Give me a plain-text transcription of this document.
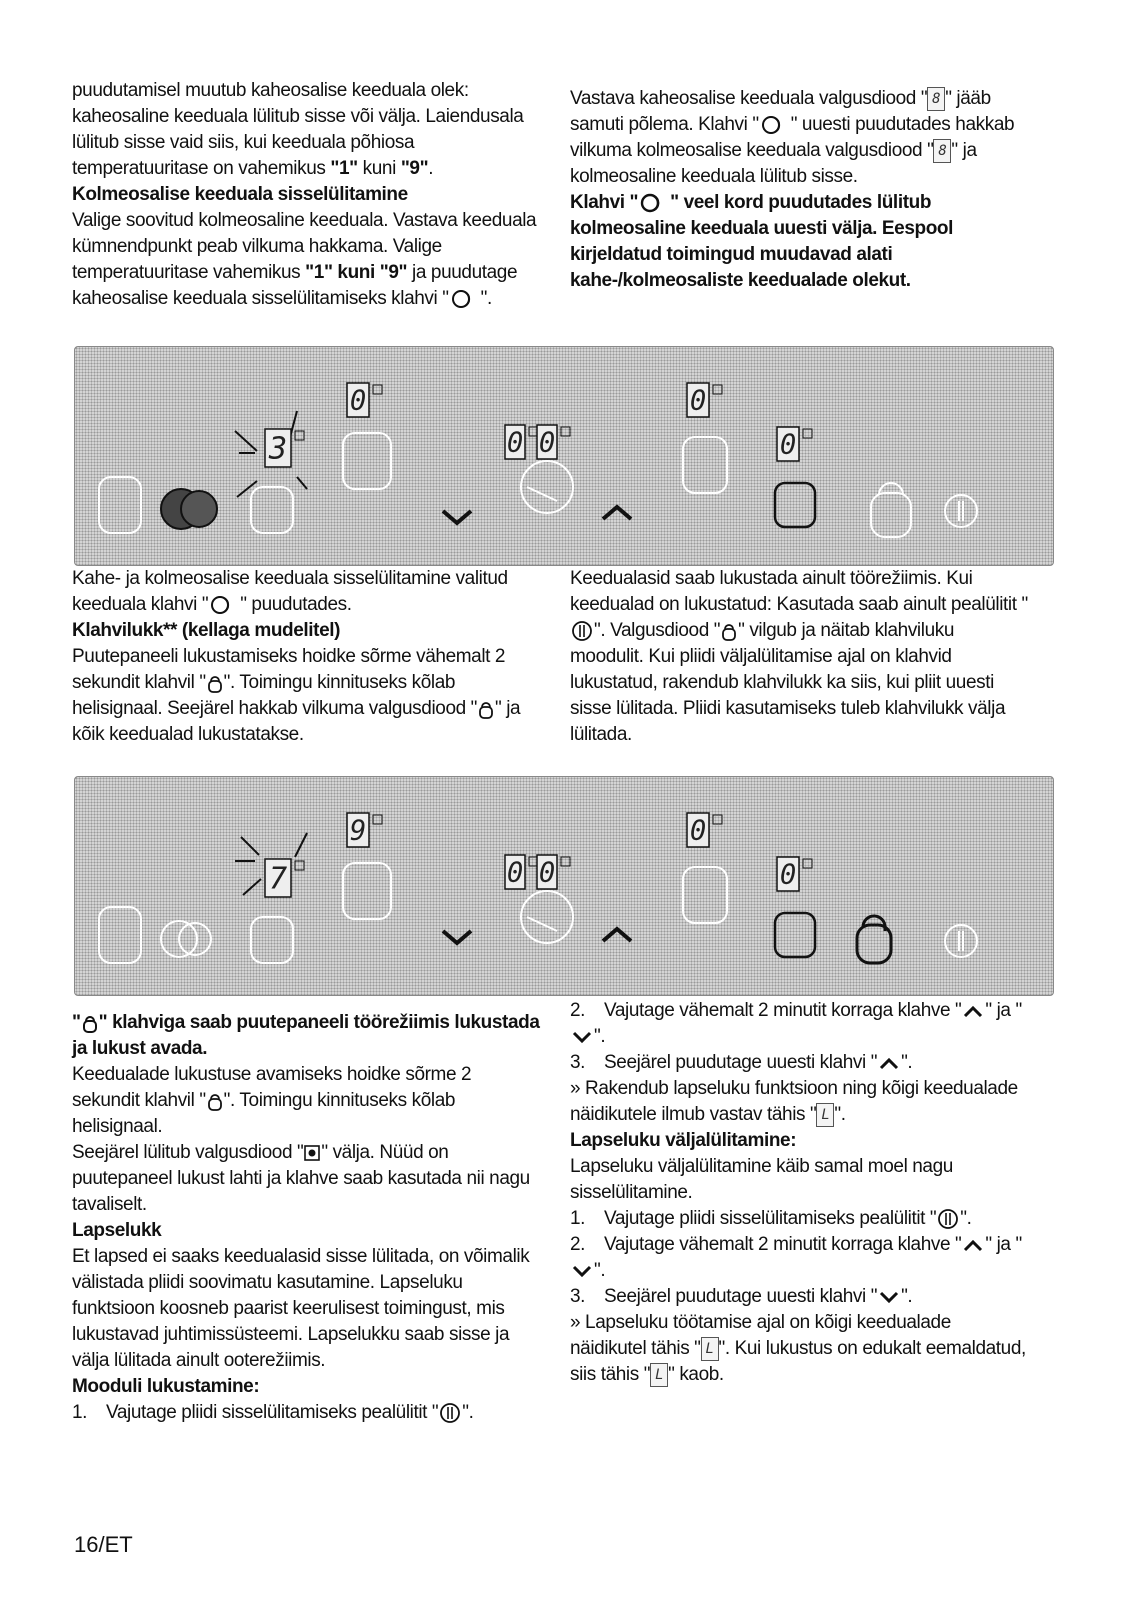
puudutamisel muutub kaheosalise keeduala olek: kaheosaline keeduala lülitub sisse või välja. Laiendusala lülitub sisse vaid siis, kui keeduala põhiosa temperatuuritase on vahemikus "1" kuni "9".

Kolmeosalise keeduala sisselülitamine

Valige soovitud kolmeosaline keeduala. Vastava keeduala kümnendpunkt peab vilkuma hakkama. Valige temperatuuritase vahemikus "1" kuni "9" ja puudutage kaheosalise keeduala sisselülitamiseks klahvi " ".

Vastava kaheosalise keeduala valgusdiood " 8 " jääb samuti põlema. Klahvi " " uuesti puudutades hakkab vilkuma kolmeosalise keeduala valgusdiood " 8 " ja kolmeosaline keeduala lülitub sisse.

Klahvi " " veel kord puudutades lülitub kolmeosaline keeduala uuesti välja. Eespool kirjeldatud toimingud muudavad alati kahe-/kolmeosaliste keedualade olekut.

0
3
0
0 0	0

Kahe- ja kolmeosalise keeduala sisselülitamine valitud keeduala klahvi " " puudutades.

Klahvilukk** (kellaga mudelitel)

Puutepaneeli lukustamiseks hoidke sõrme vähemalt 2 sekundit klahvil " ". Toimingu kinnituseks kõlab helisignaal. Seejärel hakkab vilkuma valgusdiood " " ja kõik keedualad lukustatakse.

Keedualasid saab lukustada ainult töörežiimis. Kui keedualad on lukustatud: Kasutada saab ainult pealülitit "". Valgusdiood " " vilgub ja näitab klahviluku moodulit. Kui pliidi väljalülitamise ajal on klahvid lukustatud, rakendub klahvilukk ka siis, kui pliit uuesti sisse lülitada. Pliidi kasutamiseks tuleb klahvilukk välja lülitada.

9
7
0
0 0	0

" " klahviga saab puutepaneeli töörežiimis lukustada ja lukust avada.

Keedualade lukustuse avamiseks hoidke sõrme 2 sekundit klahvil " ". Toimingu kinnituseks kõlab helisignaal.

Seejärel lülitub valgusdiood " " välja. Nüüd on puutepaneel lukust lahti ja klahve saab kasutada nii nagu tavaliselt.

Lapselukk

Et lapsed ei saaks keedualasid sisse lülitada, on võimalik välistada pliidi soovimatu kasutamine. Lapseluku funktsioon koosneb paarist keerulisest toimingust, mis lukustavad juhtimissüsteemi. Lapselukku saab sisse ja välja lülitada ainult ooterežiimis.

Mooduli lukustamine:

1. Vajutage pliidi sisselülitamiseks pealülitit " ".

2. Vajutage vähemalt 2 minutit korraga klahve " " ja "".

3. Seejärel puudutage uuesti klahvi " ".

» Rakendub lapseluku funktsioon ning kõigi keedualade näidikutele ilmub vastav tähis " L ".

Lapseluku väljalülitamine:

Lapseluku väljalülitamine käib samal moel nagu sisselülitamine.

1. Vajutage pliidi sisselülitamiseks pealülitit " ".

2. Vajutage vähemalt 2 minutit korraga klahve " " ja "".

3. Seejärel puudutage uuesti klahvi " ".

» Lapseluku töötamise ajal on kõigi keedualade näidikutel tähis " L ". Kui lukustus on edukalt eemaldatud, siis tähis " L " kaob.

16/ET
